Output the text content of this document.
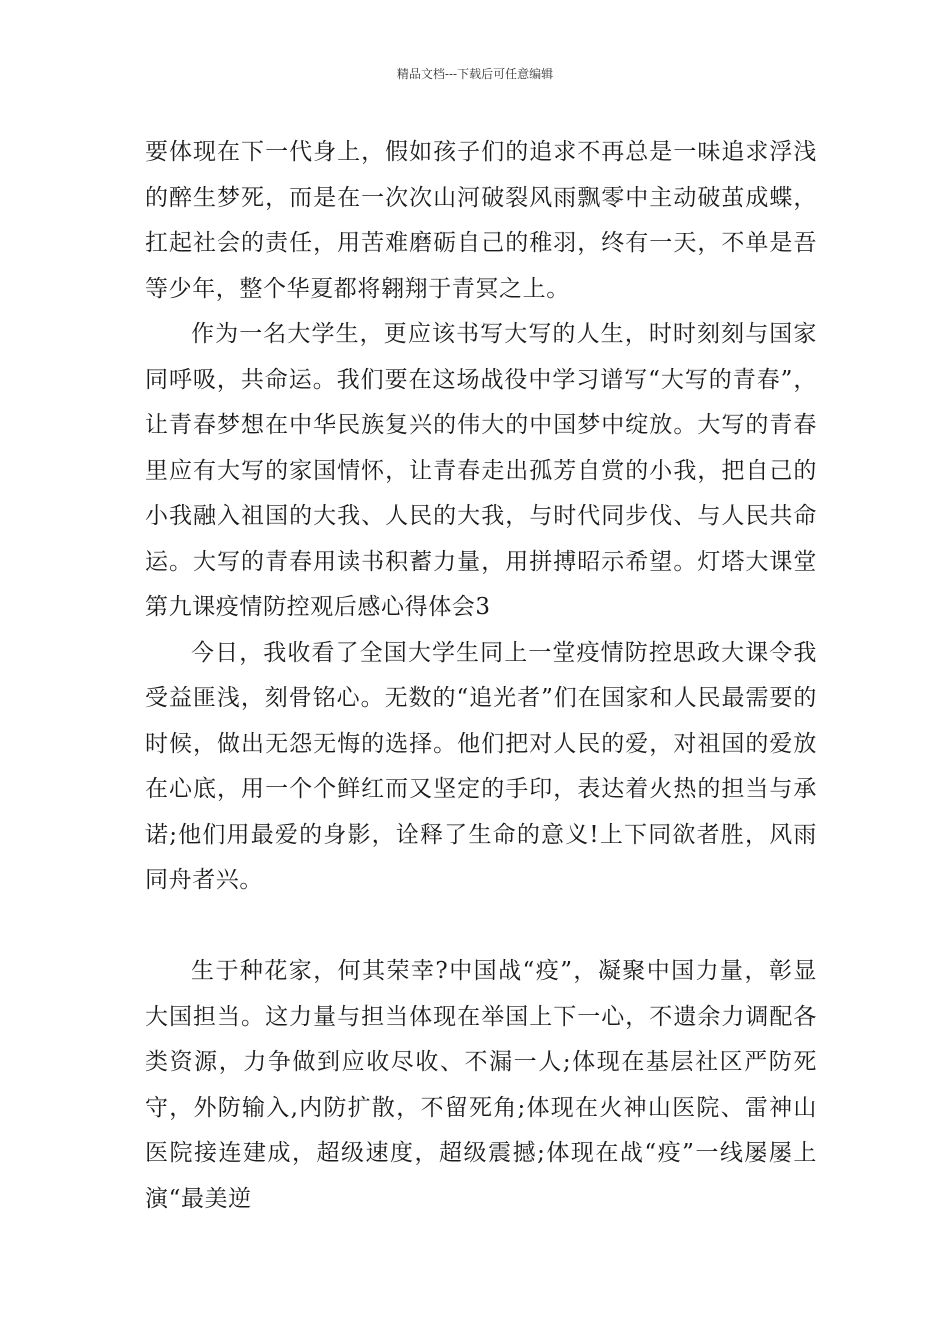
精品文档---下载后可任意编辑

要体现在下一代身上，假如孩子们的追求不再总是一味追求浮浅的醉生梦死，而是在一次次山河破裂风雨飘零中主动破茧成蝶，扛起社会的责任，用苦难磨砺自己的稚羽，终有一天，不单是吾等少年，整个华夏都将翱翔于青冥之上。

作为一名大学生，更应该书写大写的人生，时时刻刻与国家同呼吸，共命运。我们要在这场战役中学习谱写“大写的青春”，让青春梦想在中华民族复兴的伟大的中国梦中绽放。大写的青春里应有大写的家国情怀，让青春走出孤芳自赏的小我，把自己的小我融入祖国的大我、人民的大我，与时代同步伐、与人民共命运。大写的青春用读书积蓄力量，用拼搏昭示希望。灯塔大课堂第九课疫情防控观后感心得体会3

今日，我收看了全国大学生同上一堂疫情防控思政大课令我受益匪浅，刻骨铭心。无数的“追光者”们在国家和人民最需要的时候，做出无怨无悔的选择。他们把对人民的爱，对祖国的爱放在心底，用一个个鲜红而又坚定的手印，表达着火热的担当与承诺;他们用最爱的身影，诠释了生命的意义!上下同欲者胜，风雨同舟者兴。

生于种花家，何其荣幸?中国战“疫”，凝聚中国力量，彰显大国担当。这力量与担当体现在举国上下一心，不遗余力调配各类资源，力争做到应收尽收、不漏一人;体现在基层社区严防死守，外防输入,内防扩散，不留死角;体现在火神山医院、雷神山医院接连建成，超级速度，超级震撼;体现在战“疫”一线屡屡上演“最美逆
